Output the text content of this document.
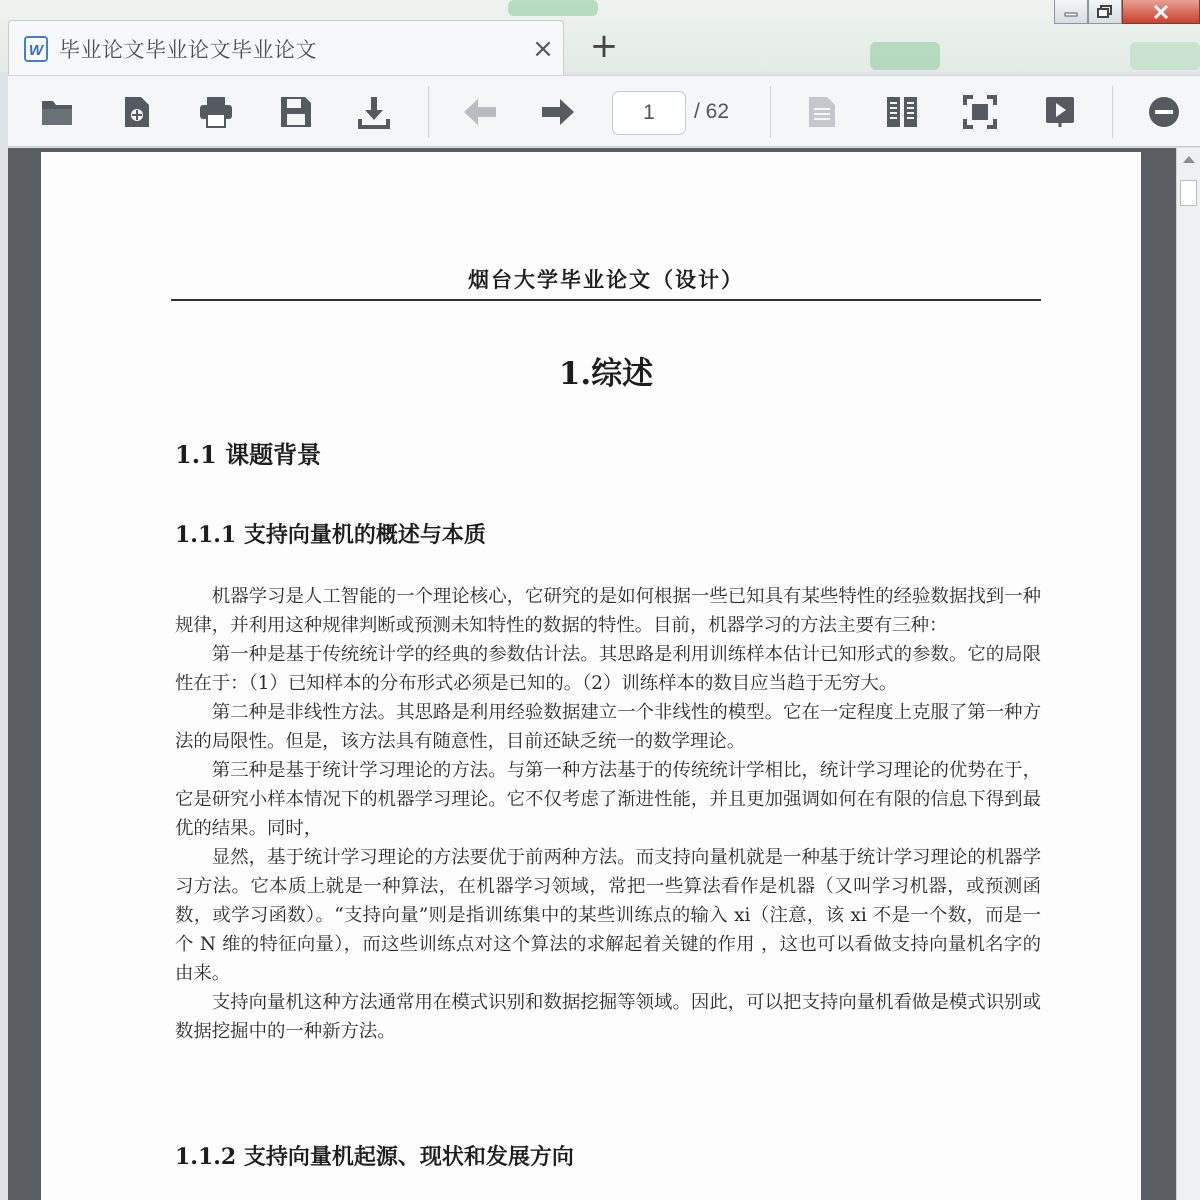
W 毕业论文毕业论文毕业论文	× +
1
/ 62
烟台大学毕业论文（设计）
1.综述
1.1 课题背景
1.1.1 支持向量机的概述与本质

机器学习是人工智能的一个理论核心，它研究的是如何根据一些已知具有某些特性的经验数据找到一种规律，并利用这种规律判断或预测未知特性的数据的特性。目前，机器学习的方法主要有三种：

第一种是基于传统统计学的经典的参数估计法。其思路是利用训练样本估计已知形式的参数。它的局限性在于：（1）已知样本的分布形式必须是已知的。（2）训练样本的数目应当趋于无穷大。

第二种是非线性方法。其思路是利用经验数据建立一个非线性的模型。它在一定程度上克服了第一种方法的局限性。但是，该方法具有随意性，目前还缺乏统一的数学理论。

第三种是基于统计学习理论的方法。与第一种方法基于的传统统计学相比，统计学习理论的优势在于，它是研究小样本情况下的机器学习理论。它不仅考虑了渐进性能，并且更加强调如何在有限的信息下得到最优的结果。同时，

显然，基于统计学习理论的方法要优于前两种方法。而支持向量机就是一种基于统计学习理论的机器学习方法。它本质上就是一种算法，在机器学习领域，常把一些算法看作是机器（又叫学习机器，或预测函数，或学习函数）。“支持向量”则是指训练集中的某些训练点的输入 xi（注意，该 xi 不是一个数，而是一个 N 维的特征向量），而这些训练点对这个算法的求解起着关键的作用 ，这也可以看做支持向量机名字的由来。

支持向量机这种方法通常用在模式识别和数据挖掘等领域。因此，可以把支持向量机看做是模式识别或数据挖掘中的一种新方法。

1.1.2 支持向量机起源、现状和发展方向
